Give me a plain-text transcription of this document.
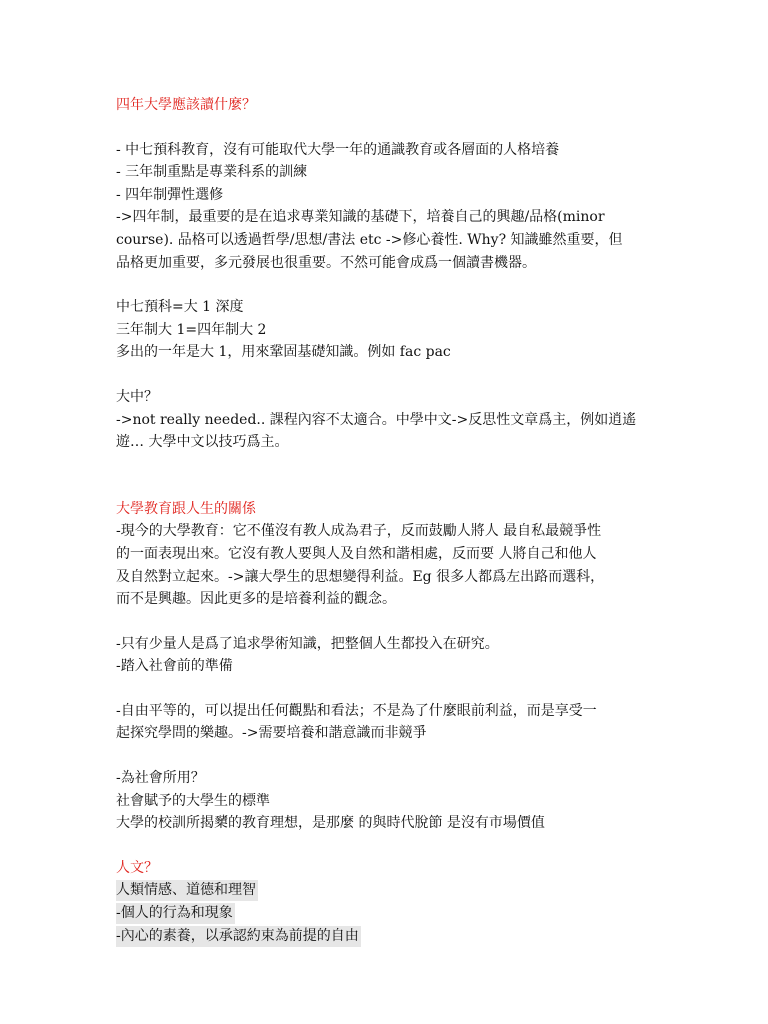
四年大學應該讀什麼？
- 中七預科教育，沒有可能取代大學一年的通識教育或各層面的人格培養
- 三年制重點是專業科系的訓練
- 四年制彈性選修
->四年制，最重要的是在追求專業知識的基礎下，培養自己的興趣/品格(minor
course). 品格可以透過哲學/思想/書法 etc ->修心養性. Why? 知識雖然重要，但
品格更加重要，多元發展也很重要。不然可能會成爲一個讀書機器。
中七預科=大 1 深度
三年制大 1=四年制大 2
多出的一年是大 1，用來鞏固基礎知識。例如 fac pac
大中？
->not really needed.. 課程內容不太適合。中學中文->反思性文章爲主，例如逍遙
遊… 大學中文以技巧爲主。
大學教育跟人生的關係
-現今的大學教育：它不僅沒有教人成為君子，反而鼓勵人將人 最自私最競爭性
的一面表現出來。它沒有教人要與人及自然和諧相處，反而要 人將自己和他人
及自然對立起來。->讓大學生的思想變得利益。Eg 很多人都爲左出路而選科，
而不是興趣。因此更多的是培養利益的觀念。
-只有少量人是爲了追求學術知識，把整個人生都投入在研究。
-踏入社會前的準備
-自由平等的，可以提出任何觀點和看法；不是為了什麼眼前利益，而是享受一
起探究學問的樂趣。->需要培養和諧意識而非競爭
-為社會所用？
社會賦予的大學生的標準
大學的校訓所揭櫫的教育理想，是那麼 的與時代脫節 是沒有市場價值
人文？
人類情感、道德和理智
-個人的行為和現象
-內心的素養，以承認約束為前提的自由
